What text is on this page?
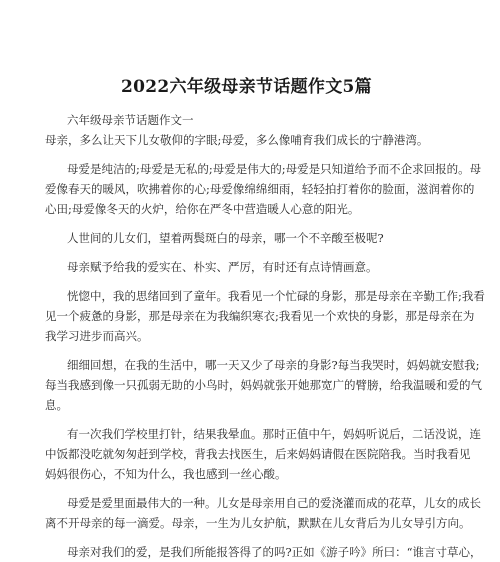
2022六年级母亲节话题作文5篇
六年级母亲节话题作文一
母亲，多么让天下儿女敬仰的字眼;母爱，多么像哺育我们成长的宁静港湾。
母爱是纯洁的;母爱是无私的;母爱是伟大的;母爱是只知道给予而不企求回报的。母
爱像春天的暖风，吹拂着你的心;母爱像绵绵细雨，轻轻拍打着你的脸面，滋润着你的
心田;母爱像冬天的火炉，给你在严冬中营造暖人心意的阳光。
人世间的儿女们，望着两鬓斑白的母亲，哪一个不辛酸至极呢?
母亲赋予给我的爱实在、朴实、严厉，有时还有点诗情画意。
恍惚中，我的思绪回到了童年。我看见一个忙碌的身影，那是母亲在辛勤工作;我看
见一个疲惫的身影，那是母亲在为我编织寒衣;我看见一个欢快的身影，那是母亲在为
我学习进步而高兴。
细细回想，在我的生活中，哪一天又少了母亲的身影?每当我哭时，妈妈就安慰我;
每当我感到像一只孤弱无助的小鸟时，妈妈就张开她那宽广的臂膀，给我温暖和爱的气
息。
有一次我们学校里打针，结果我晕血。那时正值中午，妈妈听说后，二话没说，连
中饭都没吃就匆匆赶到学校，背我去找医生，后来妈妈请假在医院陪我。当时我看见
妈妈很伤心，不知为什么，我也感到一丝心酸。
母爱是爱里面最伟大的一种。儿女是母亲用自己的爱浇灌而成的花草，儿女的成长
离不开母亲的每一滴爱。母亲，一生为儿女护航，默默在儿女背后为儿女导引方向。
母亲对我们的爱，是我们所能报答得了的吗?正如《游子吟》所曰：“谁言寸草心，
